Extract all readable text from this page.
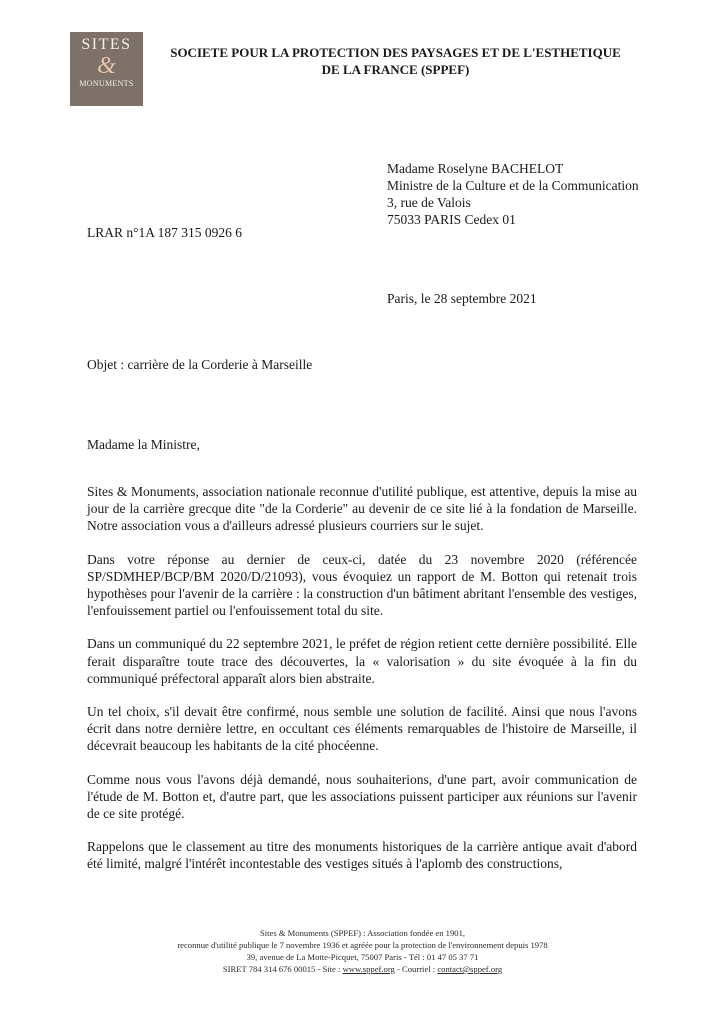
SITES
&
MONUMENTS
SOCIETE POUR LA PROTECTION DES PAYSAGES ET DE L'ESTHETIQUE
DE LA FRANCE (SPPEF)
Madame Roselyne BACHELOT
Ministre de la Culture et de la Communication
3, rue de Valois
75033 PARIS Cedex 01
LRAR n°1A 187 315 0926 6
Paris, le 28 septembre 2021
Objet : carrière de la Corderie à Marseille
Madame la Ministre,

Sites & Monuments, association nationale reconnue d'utilité publique, est attentive, depuis la mise au jour de la carrière grecque dite "de la Corderie" au devenir de ce site lié à la fondation de Marseille. Notre association vous a d'ailleurs adressé plusieurs courriers sur le sujet.

Dans votre réponse au dernier de ceux-ci, datée du 23 novembre 2020 (référencée SP/SDMHEP/BCP/BM 2020/D/21093), vous évoquiez un rapport de M. Botton qui retenait trois hypothèses pour l'avenir de la carrière : la construction d'un bâtiment abritant l'ensemble des vestiges, l'enfouissement partiel ou l'enfouissement total du site.

Dans un communiqué du 22 septembre 2021, le préfet de région retient cette dernière possibilité. Elle ferait disparaître toute trace des découvertes, la « valorisation » du site évoquée à la fin du communiqué préfectoral apparaît alors bien abstraite.

Un tel choix, s'il devait être confirmé, nous semble une solution de facilité. Ainsi que nous l'avons écrit dans notre dernière lettre, en occultant ces éléments remarquables de l'histoire de Marseille, il décevrait beaucoup les habitants de la cité phocéenne.

Comme nous vous l'avons déjà demandé, nous souhaiterions, d'une part, avoir communication de l'étude de M. Botton et, d'autre part, que les associations puissent participer aux réunions sur l'avenir de ce site protégé.

Rappelons que le classement au titre des monuments historiques de la carrière antique avait d'abord été limité, malgré l'intérêt incontestable des vestiges situés à l'aplomb des constructions,

Sites & Monuments (SPPEF) : Association fondée en 1901,
reconnue d'utilité publique le 7 novembre 1936 et agréée pour la protection de l'environnement depuis 1978
39, avenue de La Motte-Picquet, 75007 Paris - Tél : 01 47 05 37 71
SIRET 784 314 676 00015 - Site : www.sppef.org - Courriel : contact@sppef.org
